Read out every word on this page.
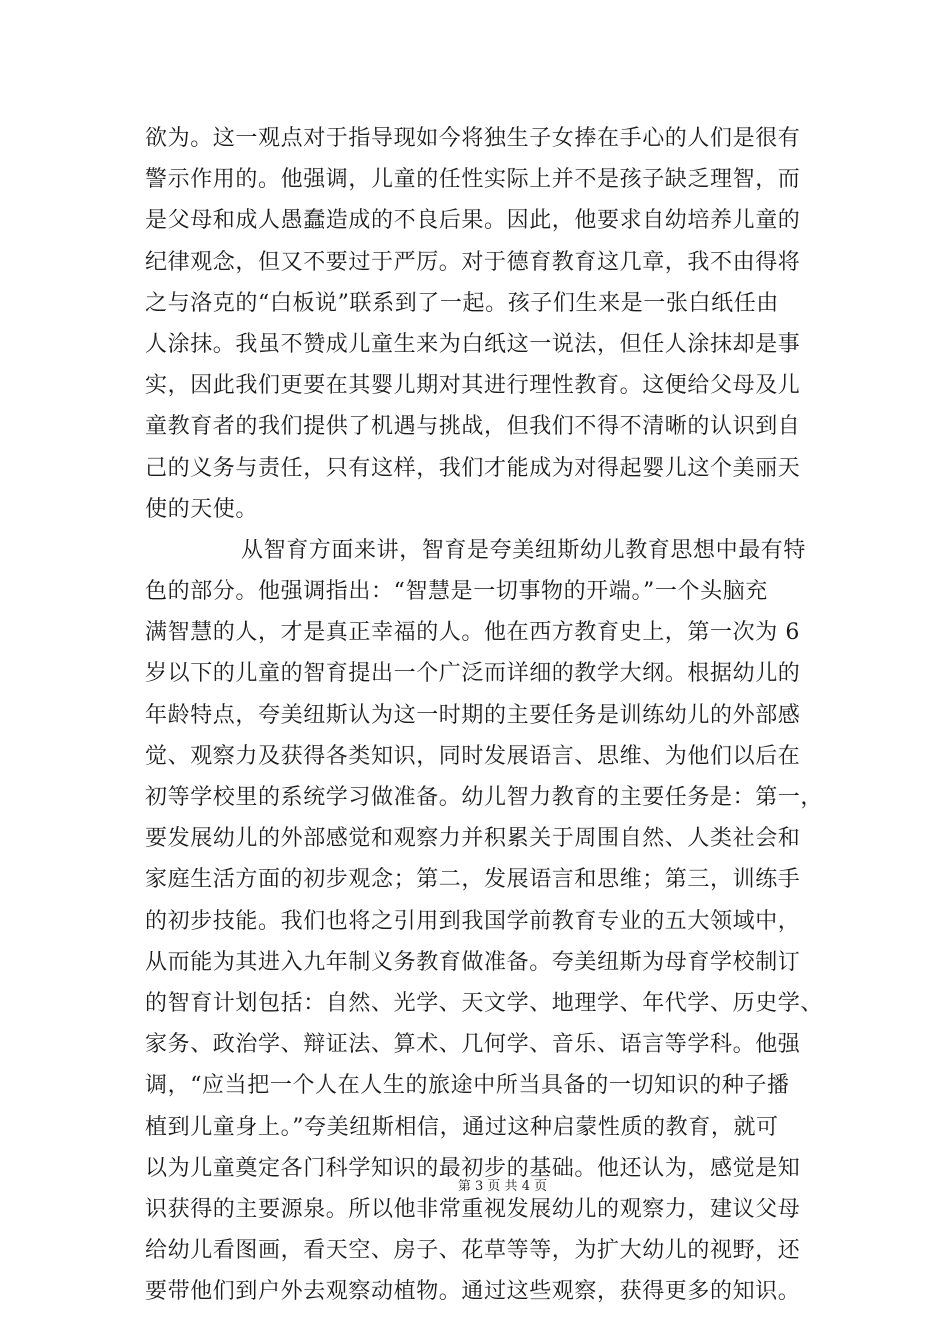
欲为。这一观点对于指导现如今将独生子女捧在手心的人们是很有
警示作用的。他强调，儿童的任性实际上并不是孩子缺乏理智，而
是父母和成人愚蠢造成的不良后果。因此，他要求自幼培养儿童的
纪律观念，但又不要过于严厉。对于德育教育这几章，我不由得将
之与洛克的“白板说”联系到了一起。孩子们生来是一张白纸任由
人涂抹。我虽不赞成儿童生来为白纸这一说法，但任人涂抹却是事
实，因此我们更要在其婴儿期对其进行理性教育。这便给父母及儿
童教育者的我们提供了机遇与挑战，但我们不得不清晰的认识到自
己的义务与责任，只有这样，我们才能成为对得起婴儿这个美丽天
使的天使。
从智育方面来讲，智育是夸美纽斯幼儿教育思想中最有特
色的部分。他强调指出：“智慧是一切事物的开端。”一个头脑充
满智慧的人，才是真正幸福的人。他在西方教育史上，第一次为 6
岁以下的儿童的智育提出一个广泛而详细的教学大纲。根据幼儿的
年龄特点，夸美纽斯认为这一时期的主要任务是训练幼儿的外部感
觉、观察力及获得各类知识，同时发展语言、思维、为他们以后在
初等学校里的系统学习做准备。幼儿智力教育的主要任务是：第一，
要发展幼儿的外部感觉和观察力并积累关于周围自然、人类社会和
家庭生活方面的初步观念；第二，发展语言和思维；第三，训练手
的初步技能。我们也将之引用到我国学前教育专业的五大领域中，
从而能为其进入九年制义务教育做准备。夸美纽斯为母育学校制订
的智育计划包括：自然、光学、天文学、地理学、年代学、历史学、
家务、政治学、辩证法、算术、几何学、音乐、语言等学科。他强
调，“应当把一个人在人生的旅途中所当具备的一切知识的种子播
植到儿童身上。”夸美纽斯相信，通过这种启蒙性质的教育，就可
以为儿童奠定各门科学知识的最初步的基础。他还认为，感觉是知
识获得的主要源泉。所以他非常重视发展幼儿的观察力，建议父母
给幼儿看图画，看天空、房子、花草等等，为扩大幼儿的视野，还
要带他们到户外去观察动植物。通过这些观察，获得更多的知识。
第 3 页 共 4 页
